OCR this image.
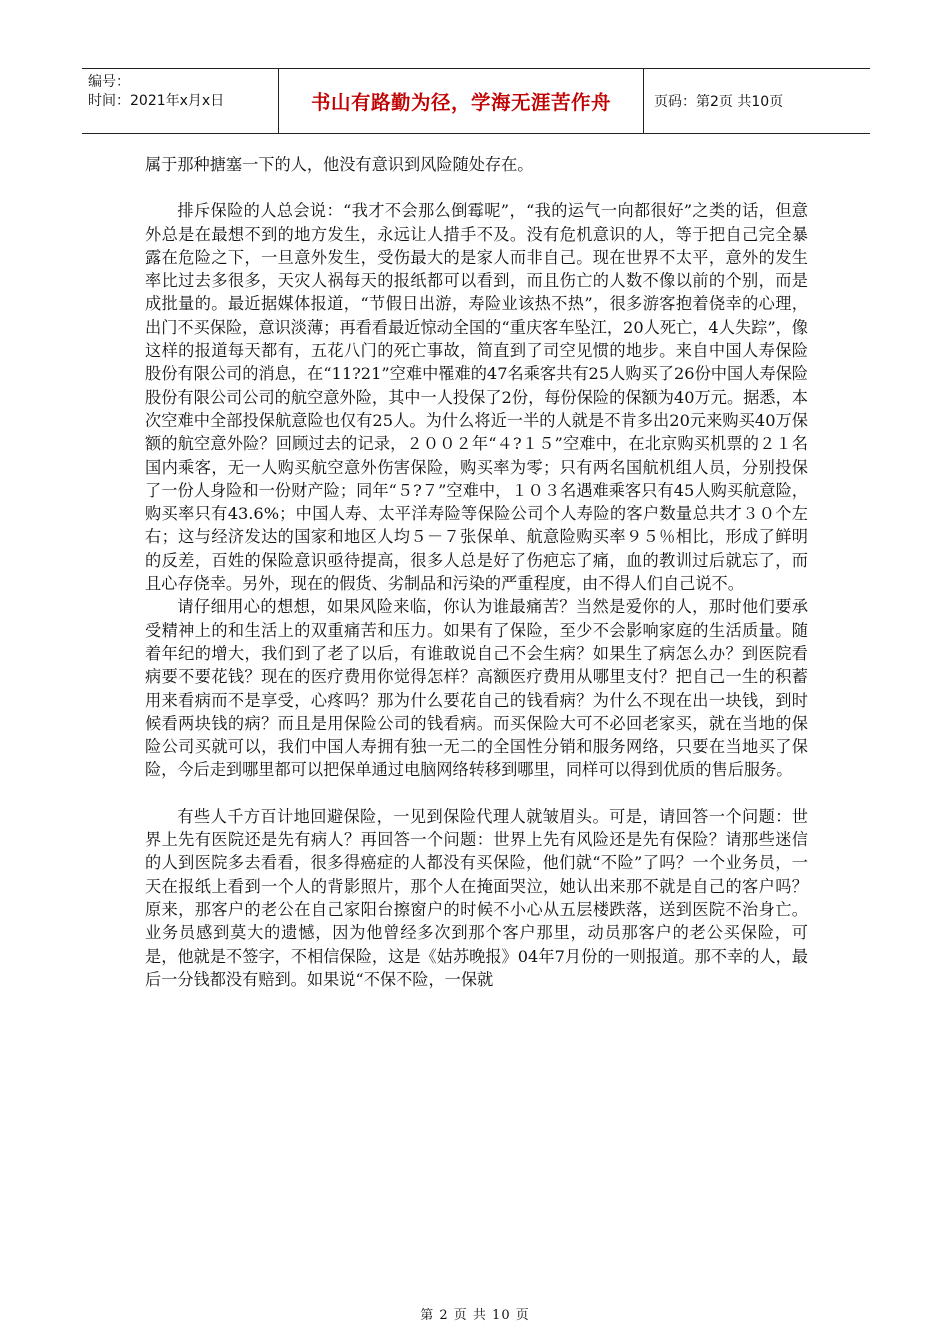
编号：
时间：2021年x月x日	书山有路勤为径，学海无涯苦作舟	页码：第2页 共10页

属于那种搪塞一下的人，他没有意识到风险随处存在。

排斥保险的人总会说：“我才不会那么倒霉呢”，“我的运气一向都很好”之类的话，但意外总是在最想不到的地方发生，永远让人措手不及。没有危机意识的人，等于把自己完全暴露在危险之下，一旦意外发生，受伤最大的是家人而非自己。现在世界不太平，意外的发生率比过去多很多，天灾人祸每天的报纸都可以看到，而且伤亡的人数不像以前的个别，而是成批量的。最近据媒体报道，“节假日出游，寿险业该热不热”，很多游客抱着侥幸的心理，出门不买保险，意识淡薄；再看看最近惊动全国的“重庆客车坠江，20人死亡，4人失踪”，像这样的报道每天都有，五花八门的死亡事故，简直到了司空见惯的地步。来自中国人寿保险股份有限公司的消息，在“11?21”空难中罹难的47名乘客共有25人购买了26份中国人寿保险股份有限公司公司的航空意外险，其中一人投保了2份，每份保险的保额为40万元。据悉，本次空难中全部投保航意险也仅有25人。为什么将近一半的人就是不肯多出20元来购买40万保额的航空意外险？回顾过去的记录，２００２年“４?１５”空难中，在北京购买机票的２１名国内乘客，无一人购买航空意外伤害保险，购买率为零；只有两名国航机组人员，分别投保了一份人身险和一份财产险；同年“５?７”空难中，１０３名遇难乘客只有45人购买航意险，购买率只有43.6%；中国人寿、太平洋寿险等保险公司个人寿险的客户数量总共才３０个左右；这与经济发达的国家和地区人均５－７张保单、航意险购买率９５％相比，形成了鲜明的反差，百姓的保险意识亟待提高，很多人总是好了伤疤忘了痛，血的教训过后就忘了，而且心存侥幸。另外，现在的假货、劣制品和污染的严重程度，由不得人们自己说不。

请仔细用心的想想，如果风险来临，你认为谁最痛苦？当然是爱你的人，那时他们要承受精神上的和生活上的双重痛苦和压力。如果有了保险，至少不会影响家庭的生活质量。随着年纪的增大，我们到了老了以后，有谁敢说自己不会生病？如果生了病怎么办？到医院看病要不要花钱？现在的医疗费用你觉得怎样？高额医疗费用从哪里支付？把自己一生的积蓄用来看病而不是享受，心疼吗？那为什么要花自己的钱看病？为什么不现在出一块钱，到时候看两块钱的病？而且是用保险公司的钱看病。而买保险大可不必回老家买，就在当地的保险公司买就可以，我们中国人寿拥有独一无二的全国性分销和服务网络，只要在当地买了保险，今后走到哪里都可以把保单通过电脑网络转移到哪里，同样可以得到优质的售后服务。

有些人千方百计地回避保险，一见到保险代理人就皱眉头。可是，请回答一个问题：世界上先有医院还是先有病人？再回答一个问题：世界上先有风险还是先有保险？请那些迷信的人到医院多去看看，很多得癌症的人都没有买保险，他们就“不险”了吗？一个业务员，一天在报纸上看到一个人的背影照片，那个人在掩面哭泣，她认出来那不就是自己的客户吗？原来，那客户的老公在自己家阳台擦窗户的时候不小心从五层楼跌落，送到医院不治身亡。业务员感到莫大的遗憾，因为他曾经多次到那个客户那里，动员那客户的老公买保险，可是，他就是不签字，不相信保险，这是《姑苏晚报》04年7月份的一则报道。那不幸的人，最后一分钱都没有赔到。如果说“不保不险，一保就

第 2 页 共 10 页
